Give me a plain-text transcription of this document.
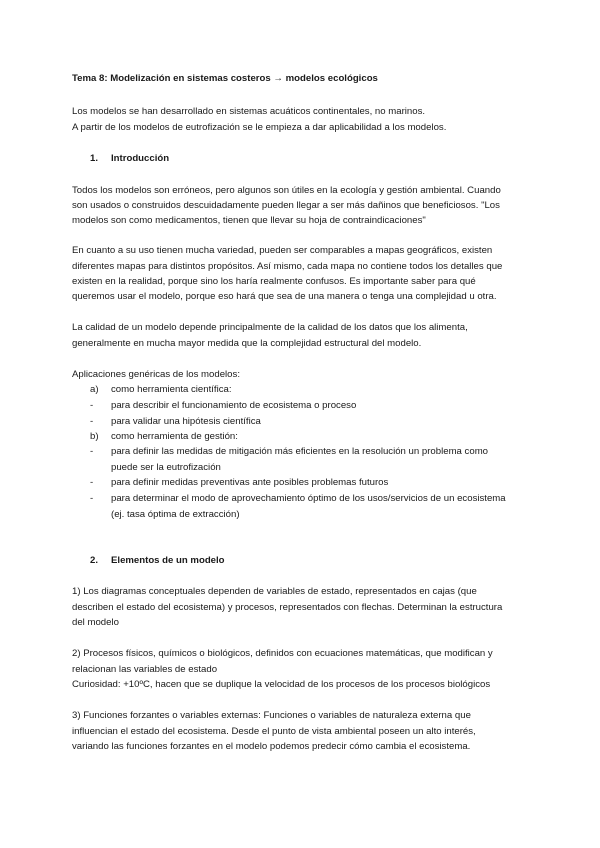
Tema 8: Modelización en sistemas costeros → modelos ecológicos
Los modelos se han desarrollado en sistemas acuáticos continentales, no marinos.
A partir de los modelos de eutrofización se le empieza a dar aplicabilidad a los modelos.
1. Introducción
Todos los modelos son erróneos, pero algunos son útiles en la ecología y gestión ambiental. Cuando
son usados o construidos descuidadamente pueden llegar a ser más dañinos que beneficiosos. "Los
modelos son como medicamentos, tienen que llevar su hoja de contraindicaciones"
En cuanto a su uso tienen mucha variedad, pueden ser comparables a mapas geográficos, existen
diferentes mapas para distintos propósitos. Así mismo, cada mapa no contiene todos los detalles que
existen en la realidad, porque sino los haría realmente confusos. Es importante saber para qué
queremos usar el modelo, porque eso hará que sea de una manera o tenga una complejidad u otra.
La calidad de un modelo depende principalmente de la calidad de los datos que los alimenta,
generalmente en mucha mayor medida que la complejidad estructural del modelo.
Aplicaciones genéricas de los modelos:
a) como herramienta científica:
- para describir el funcionamiento de ecosistema o proceso
- para validar una hipótesis científica
b) como herramienta de gestión:
- para definir las medidas de mitigación más eficientes en la resolución un problema como
puede ser la eutrofización
- para definir medidas preventivas ante posibles problemas futuros
- para determinar el modo de aprovechamiento óptimo de los usos/servicios de un ecosistema
(ej. tasa óptima de extracción)
2. Elementos de un modelo
1) Los diagramas conceptuales dependen de variables de estado, representados en cajas (que
describen el estado del ecosistema) y procesos, representados con flechas. Determinan la estructura
del modelo
2) Procesos físicos, químicos o biológicos, definidos con ecuaciones matemáticas, que modifican y
relacionan las variables de estado
Curiosidad: +10ºC, hacen que se duplique la velocidad de los procesos de los procesos biológicos
3) Funciones forzantes o variables externas: Funciones o variables de naturaleza externa que
influencian el estado del ecosistema. Desde el punto de vista ambiental poseen un alto interés,
variando las funciones forzantes en el modelo podemos predecir cómo cambia el ecosistema.
